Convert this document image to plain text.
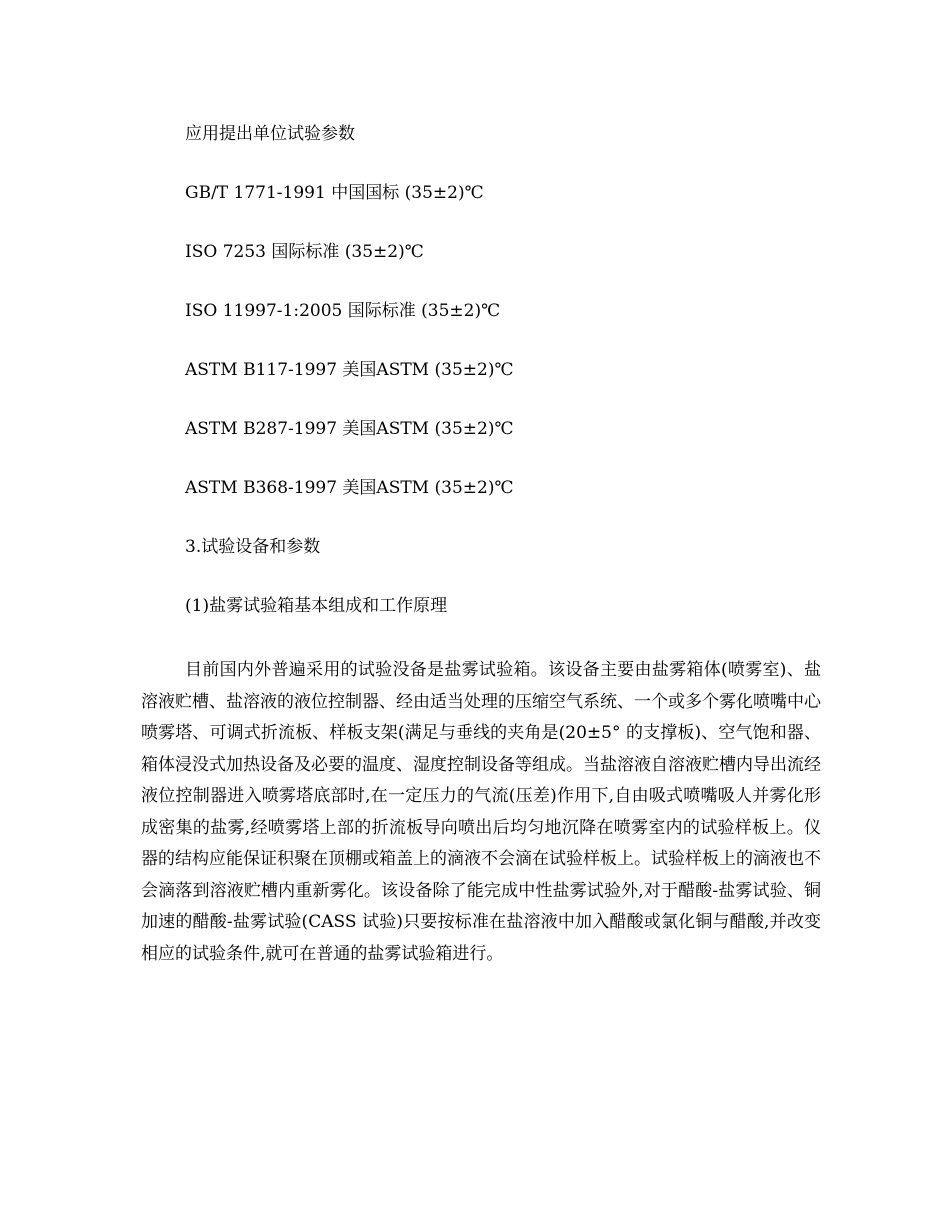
应用提出单位试验参数
GB/T 1771-1991 中国国标 (35±2)℃
ISO 7253 国际标准 (35±2)℃
ISO 11997-1:2005 国际标准 (35±2)℃
ASTM B117-1997 美国ASTM (35±2)℃
ASTM B287-1997 美国ASTM (35±2)℃
ASTM B368-1997 美国ASTM (35±2)℃
3.试验设备和参数
(1)盐雾试验箱基本组成和工作原理

目前国内外普遍采用的试验没备是盐雾试验箱。该设备主要由盐雾箱体(喷雾室)、盐溶液贮槽、盐溶液的液位控制器、经由适当处理的压缩空气系统、一个或多个雾化喷嘴中心喷雾塔、可调式折流板、样板支架(满足与垂线的夹角是(20±5° 的支撑板)、空气饱和器、箱体浸没式加热设备及必要的温度、湿度控制设备等组成。当盐溶液自溶液贮槽内导出流经液位控制器进入喷雾塔底部时,在一定压力的气流(压差)作用下,自由吸式喷嘴吸人并雾化形成密集的盐雾,经喷雾塔上部的折流板导向喷出后均匀地沉降在喷雾室内的试验样板上。仪器的结构应能保证积聚在顶棚或箱盖上的滴液不会滴在试验样板上。试验样板上的滴液也不会滴落到溶液贮槽内重新雾化。该设备除了能完成中性盐雾试验外,对于醋酸-盐雾试验、铜加速的醋酸-盐雾试验(CASS 试验)只要按标准在盐溶液中加入醋酸或氯化铜与醋酸,并改变相应的试验条件,就可在普通的盐雾试验箱进行。
